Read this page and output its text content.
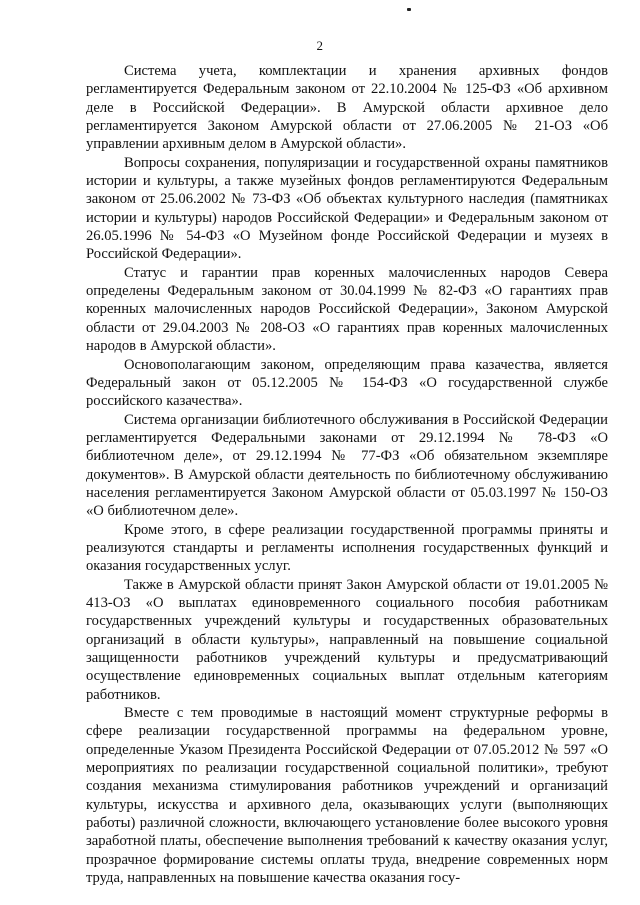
2

Система учета, комплектации и хранения архивных фондов регламентируется Федеральным законом от 22.10.2004 № 125-ФЗ «Об архивном деле в Российской Федерации». В Амурской области архивное дело регламентируется Законом Амурской области от 27.06.2005 № 21-ОЗ «Об управлении архивным делом в Амурской области».

Вопросы сохранения, популяризации и государственной охраны памятников истории и культуры, а также музейных фондов регламентируются Федеральным законом от 25.06.2002 № 73-ФЗ «Об объектах культурного наследия (памятниках истории и культуры) народов Российской Федерации» и Федеральным законом от 26.05.1996 № 54-ФЗ «О Музейном фонде Российской Федерации и музеях в Российской Федерации».

Статус и гарантии прав коренных малочисленных народов Севера определены Федеральным законом от 30.04.1999 № 82-ФЗ «О гарантиях прав коренных малочисленных народов Российской Федерации», Законом Амурской области от 29.04.2003 № 208-ОЗ «О гарантиях прав коренных малочисленных народов в Амурской области».

Основополагающим законом, определяющим права казачества, является Федеральный закон от 05.12.2005 № 154-ФЗ «О государственной службе российского казачества».

Система организации библиотечного обслуживания в Российской Федерации регламентируется Федеральными законами от 29.12.1994 № 78-ФЗ «О библиотечном деле», от 29.12.1994 № 77-ФЗ «Об обязательном экземпляре документов». В Амурской области деятельность по библиотечному обслуживанию населения регламентируется Законом Амурской области от 05.03.1997 № 150-ОЗ «О библиотечном деле».

Кроме этого, в сфере реализации государственной программы приняты и реализуются стандарты и регламенты исполнения государственных функций и оказания государственных услуг.

Также в Амурской области принят Закон Амурской области от 19.01.2005 № 413-ОЗ «О выплатах единовременного социального пособия работникам государственных учреждений культуры и государственных образовательных организаций в области культуры», направленный на повышение социальной защищенности работников учреждений культуры и предусматривающий осуществление единовременных социальных выплат отдельным категориям работников.

Вместе с тем проводимые в настоящий момент структурные реформы в сфере реализации государственной программы на федеральном уровне, определенные Указом Президента Российской Федерации от 07.05.2012 № 597 «О мероприятиях по реализации государственной социальной политики», требуют создания механизма стимулирования работников учреждений и организаций культуры, искусства и архивного дела, оказывающих услуги (выполняющих работы) различной сложности, включающего установление более высокого уровня заработной платы, обеспечение выполнения требований к качеству оказания услуг, прозрачное формирование системы оплаты труда, внедрение современных норм труда, направленных на повышение качества оказания госу-
